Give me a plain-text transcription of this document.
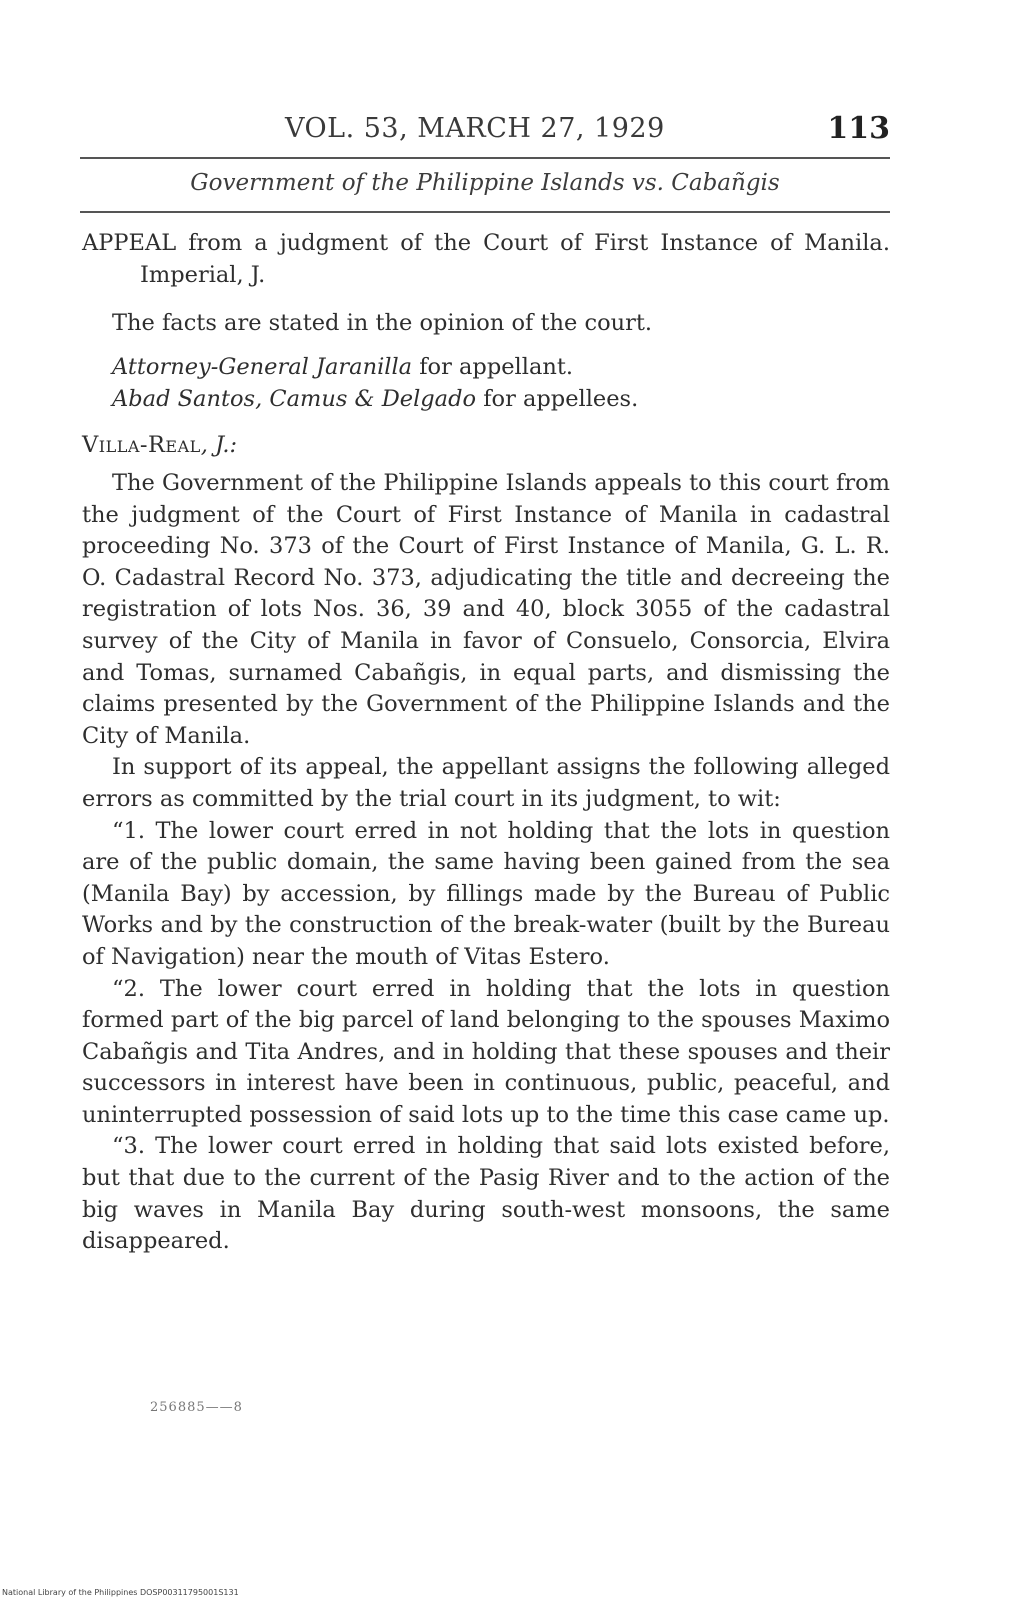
VOL. 53, MARCH 27, 1929	113
Government of the Philippine Islands vs. Cabañgis

APPEAL from a judgment of the Court of First Instance of Manila. Imperial, J.

The facts are stated in the opinion of the court.

Attorney-General Jaranilla for appellant.

Abad Santos, Camus & Delgado for appellees.

Villa-Real, J.:

The Government of the Philippine Islands appeals to this court from the judgment of the Court of First Instance of Manila in cadastral proceeding No. 373 of the Court of First Instance of Manila, G. L. R. O. Cadastral Record No. 373, adjudicating the title and decreeing the registration of lots Nos. 36, 39 and 40, block 3055 of the cadastral survey of the City of Manila in favor of Consuelo, Consorcia, Elvira and Tomas, surnamed Cabañgis, in equal parts, and dismissing the claims presented by the Government of the Philippine Islands and the City of Manila.

In support of its appeal, the appellant assigns the following alleged errors as committed by the trial court in its judgment, to wit:

“1. The lower court erred in not holding that the lots in question are of the public domain, the same having been gained from the sea (Manila Bay) by accession, by fillings made by the Bureau of Public Works and by the construction of the break-water (built by the Bureau of Navigation) near the mouth of Vitas Estero.

“2. The lower court erred in holding that the lots in question formed part of the big parcel of land belonging to the spouses Maximo Cabañgis and Tita Andres, and in holding that these spouses and their successors in interest have been in continuous, public, peaceful, and uninterrupted possession of said lots up to the time this case came up.

“3. The lower court erred in holding that said lots existed before, but that due to the current of the Pasig River and to the action of the big waves in Manila Bay during south-west monsoons, the same disappeared.

256885——8
National Library of the Philippines DOSP00311795001S131
